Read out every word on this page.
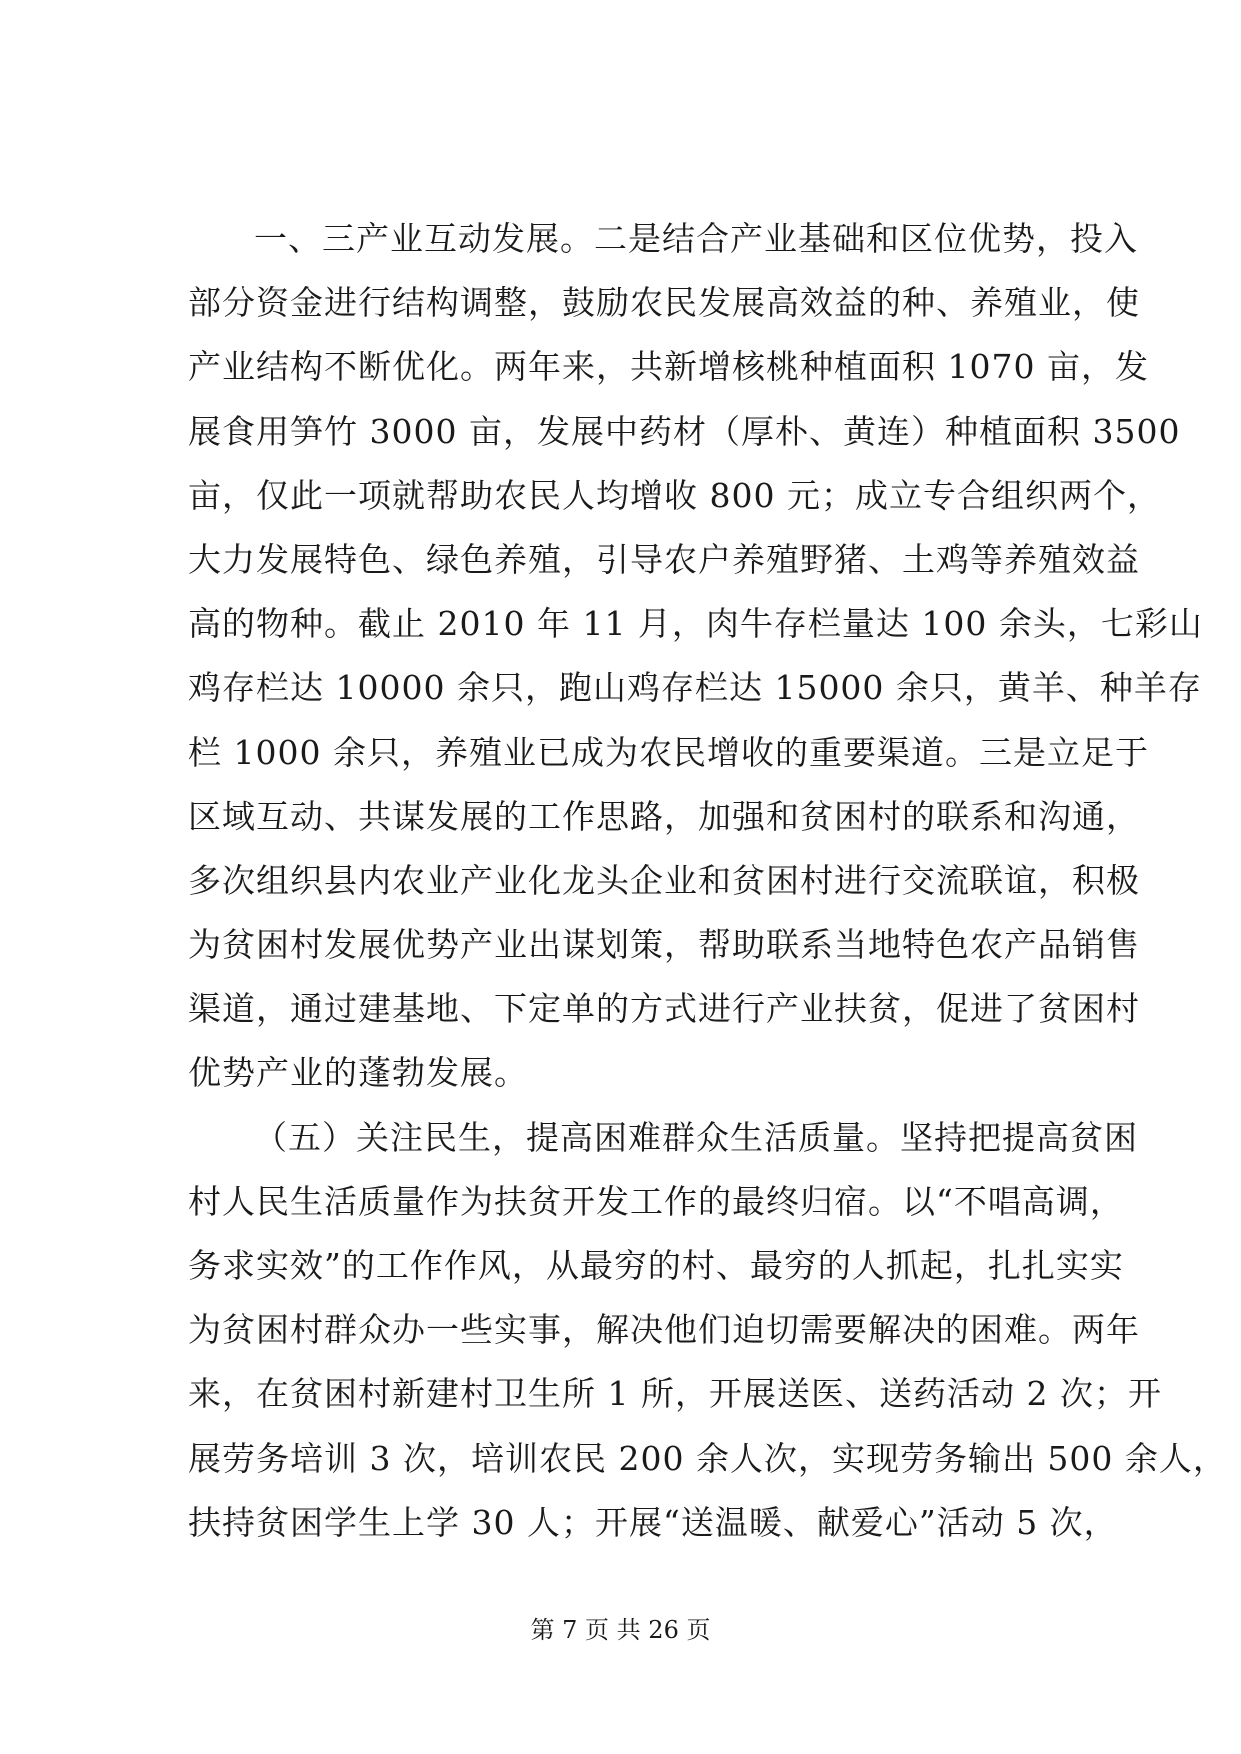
一、三产业互动发展。二是结合产业基础和区位优势，投入
部分资金进行结构调整，鼓励农民发展高效益的种、养殖业，使
产业结构不断优化。两年来，共新增核桃种植面积 1070 亩，发
展食用笋竹 3000 亩，发展中药材（厚朴、黄连）种植面积 3500
亩，仅此一项就帮助农民人均增收 800 元；成立专合组织两个，
大力发展特色、绿色养殖，引导农户养殖野猪、土鸡等养殖效益
高的物种。截止 2010 年 11 月，肉牛存栏量达 100 余头，七彩山
鸡存栏达 10000 余只，跑山鸡存栏达 15000 余只，黄羊、种羊存
栏 1000 余只，养殖业已成为农民增收的重要渠道。三是立足于
区域互动、共谋发展的工作思路，加强和贫困村的联系和沟通，
多次组织县内农业产业化龙头企业和贫困村进行交流联谊，积极
为贫困村发展优势产业出谋划策，帮助联系当地特色农产品销售
渠道，通过建基地、下定单的方式进行产业扶贫，促进了贫困村
优势产业的蓬勃发展。
（五）关注民生，提高困难群众生活质量。坚持把提高贫困
村人民生活质量作为扶贫开发工作的最终归宿。以“不唱高调，
务求实效”的工作作风，从最穷的村、最穷的人抓起，扎扎实实
为贫困村群众办一些实事，解决他们迫切需要解决的困难。两年
来，在贫困村新建村卫生所 1 所，开展送医、送药活动 2 次；开
展劳务培训 3 次，培训农民 200 余人次，实现劳务输出 500 余人，
扶持贫困学生上学 30 人；开展“送温暖、献爱心”活动 5 次，
第 7 页 共 26 页
